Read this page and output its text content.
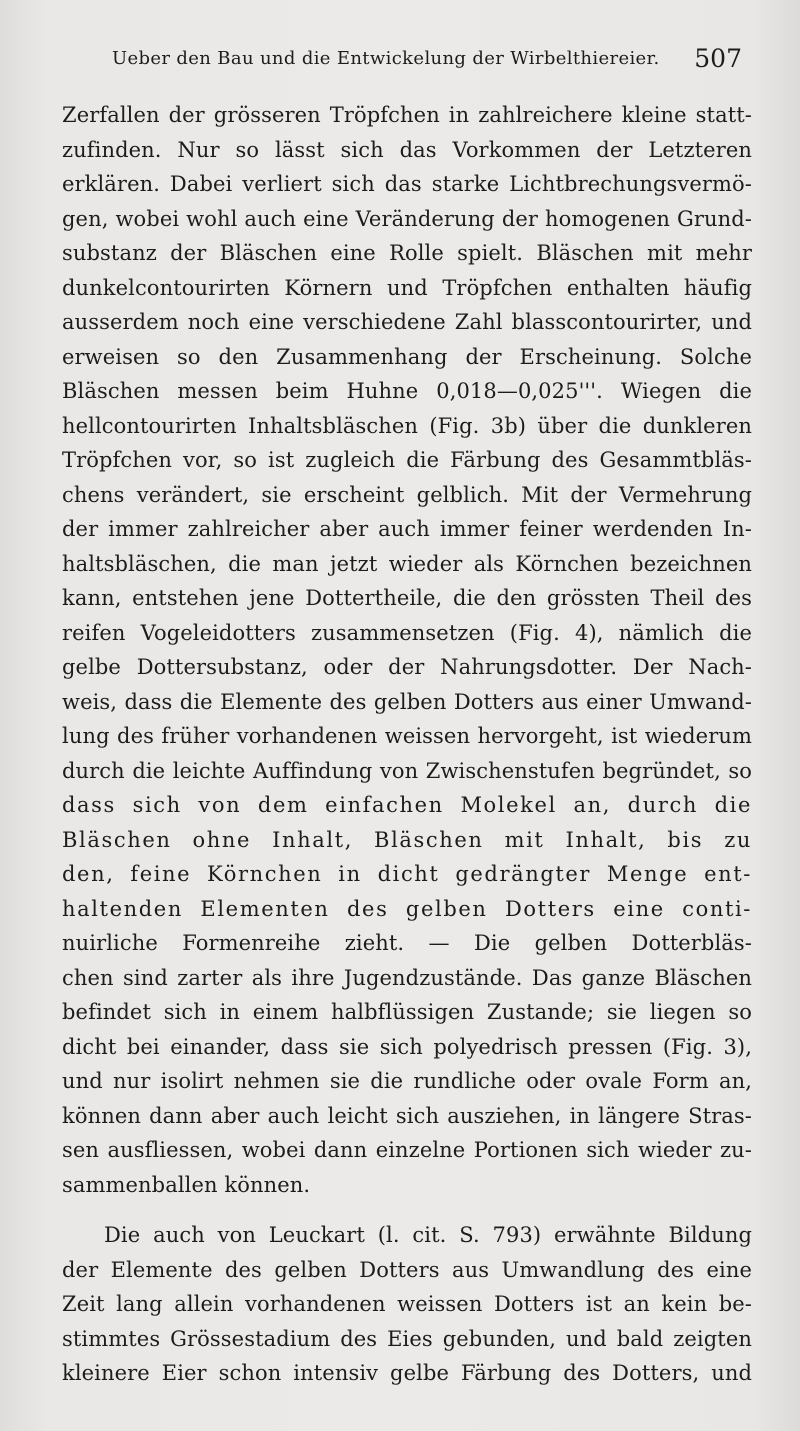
Ueber den Bau und die Entwickelung der Wirbelthiereier. 507
Zerfallen der grösseren Tröpfchen in zahlreichere kleine statt-
zufinden. Nur so lässt sich das Vorkommen der Letzteren
erklären. Dabei verliert sich das starke Lichtbrechungsvermö-
gen, wobei wohl auch eine Veränderung der homogenen Grund-
substanz der Bläschen eine Rolle spielt. Bläschen mit mehr
dunkelcontourirten Körnern und Tröpfchen enthalten häufig
ausserdem noch eine verschiedene Zahl blasscontourirter, und
erweisen so den Zusammenhang der Erscheinung. Solche
Bläschen messen beim Huhne 0,018—0,025'''. Wiegen die
hellcontourirten Inhaltsbläschen (Fig. 3b) über die dunkleren
Tröpfchen vor, so ist zugleich die Färbung des Gesammtbläs-
chens verändert, sie erscheint gelblich. Mit der Vermehrung
der immer zahlreicher aber auch immer feiner werdenden In-
haltsbläschen, die man jetzt wieder als Körnchen bezeichnen
kann, entstehen jene Dottertheile, die den grössten Theil des
reifen Vogeleidotters zusammensetzen (Fig. 4), nämlich die
gelbe Dottersubstanz, oder der Nahrungsdotter. Der Nach-
weis, dass die Elemente des gelben Dotters aus einer Umwand-
lung des früher vorhandenen weissen hervorgeht, ist wiederum
durch die leichte Auffindung von Zwischenstufen begründet, so
dass sich von dem einfachen Molekel an, durch die
Bläschen ohne Inhalt, Bläschen mit Inhalt, bis zu
den, feine Körnchen in dicht gedrängter Menge ent-
haltenden Elementen des gelben Dotters eine conti-
nuirliche Formenreihe zieht. — Die gelben Dotterbläs-
chen sind zarter als ihre Jugendzustände. Das ganze Bläschen
befindet sich in einem halbflüssigen Zustande; sie liegen so
dicht bei einander, dass sie sich polyedrisch pressen (Fig. 3),
und nur isolirt nehmen sie die rundliche oder ovale Form an,
können dann aber auch leicht sich ausziehen, in längere Stras-
sen ausfliessen, wobei dann einzelne Portionen sich wieder zu-
sammenballen können.
Die auch von Leuckart (l. cit. S. 793) erwähnte Bildung
der Elemente des gelben Dotters aus Umwandlung des eine
Zeit lang allein vorhandenen weissen Dotters ist an kein be-
stimmtes Grössestadium des Eies gebunden, und bald zeigten
kleinere Eier schon intensiv gelbe Färbung des Dotters, und
